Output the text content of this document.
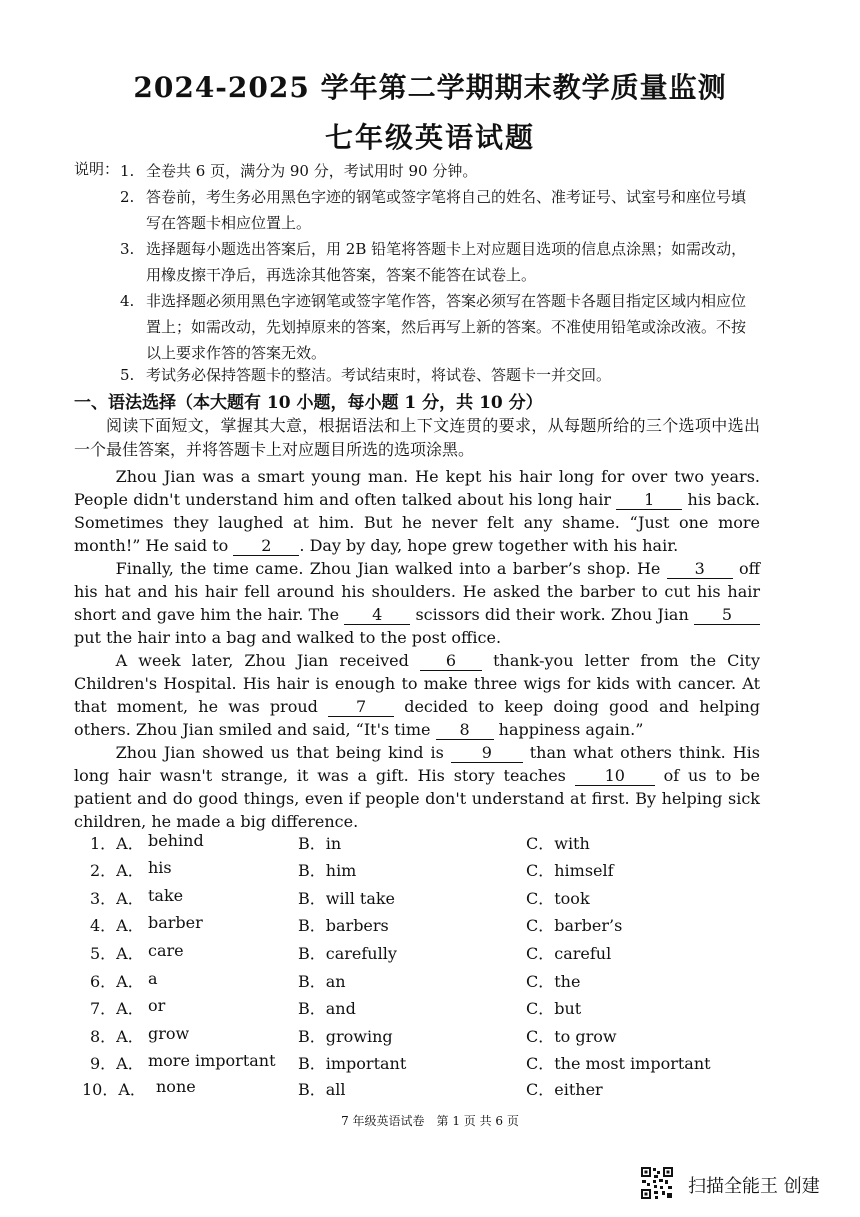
2024-2025 学年第二学期期末教学质量监测
七年级英语试题
说明： 1. 全卷共 6 页，满分为 90 分，考试用时 90 分钟。
2. 答卷前，考生务必用黑色字迹的钢笔或签字笔将自己的姓名、准考证号、试室号和座位号填写在答题卡相应位置上。
3. 选择题每小题选出答案后，用 2B 铅笔将答题卡上对应题目选项的信息点涂黑；如需改动，用橡皮擦干净后，再选涂其他答案，答案不能答在试卷上。
4. 非选择题必须用黑色字迹钢笔或签字笔作答，答案必须写在答题卡各题目指定区域内相应位置上；如需改动，先划掉原来的答案，然后再写上新的答案。不准使用铅笔或涂改液。不按以上要求作答的答案无效。
5. 考试务必保持答题卡的整洁。考试结束时，将试卷、答题卡一并交回。
一、语法选择（本大题有 10 小题，每小题 1 分，共 10 分）
阅读下面短文，掌握其大意，根据语法和上下文连贯的要求，从每题所给的三个选项中选出一个最佳答案，并将答题卡上对应题目所选的选项涂黑。

Zhou Jian was a smart young man. He kept his hair long for over two years. People didn't understand him and often talked about his long hair 1 his back. Sometimes they laughed at him. But he never felt any shame. “Just one more month!” He said to 2 . Day by day, hope grew together with his hair.

Finally, the time came. Zhou Jian walked into a barber’s shop. He 3 off his hat and his hair fell around his shoulders. He asked the barber to cut his hair short and gave him the hair. The 4 scissors did their work. Zhou Jian 5 put the hair into a bag and walked to the post office.

A week later, Zhou Jian received 6 thank-you letter from the City Children's Hospital. His hair is enough to make three wigs for kids with cancer. At that moment, he was proud 7 decided to keep doing good and helping others. Zhou Jian smiled and said, “It's time 8 happiness again.”

Zhou Jian showed us that being kind is 9 than what others think. His long hair wasn't strange, it was a gift. His story teaches 10 of us to be patient and do good things, even if people don't understand at first. By helping sick children, he made a big difference.

1．A． behind	B．in	C．with
2．A． his	B．him	C．himself
3．A． take	B．will take	C．took
4．A． barber	B．barbers	C．barber’s
5．A． care	B．carefully	C．careful
6．A． a	B．an	C．the
7．A． or	B．and	C．but
8．A． grow	B．growing	C．to grow
9．A． more important B．important	C．the most important
10．A． none	B．all	C．either
7 年级英语试卷　第 1 页 共 6 页
扫描全能王 创建
